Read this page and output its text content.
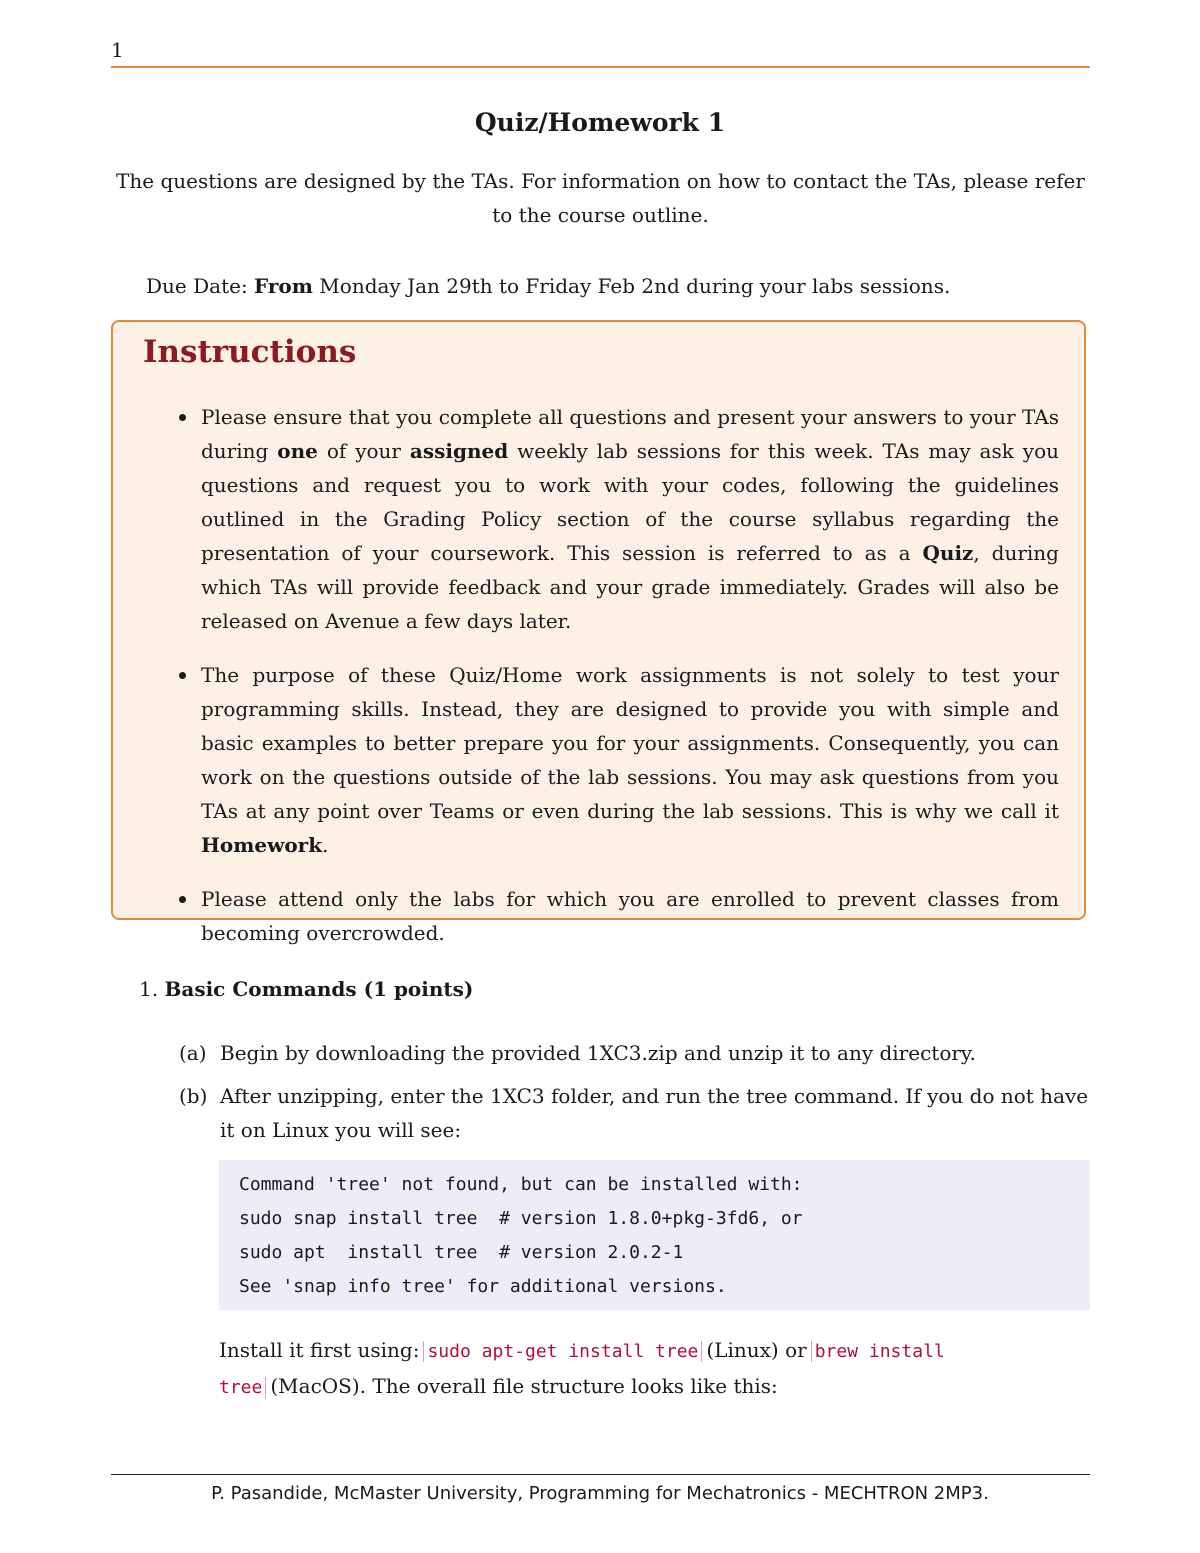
1
Quiz/Homework 1
The questions are designed by the TAs. For information on how to contact the TAs, please refer to the course outline.
Due Date: From Monday Jan 29th to Friday Feb 2nd during your labs sessions.
Instructions
Please ensure that you complete all questions and present your answers to your TAs during one of your assigned weekly lab sessions for this week. TAs may ask you questions and request you to work with your codes, following the guidelines outlined in the Grading Policy section of the course syllabus regarding the presentation of your coursework. This session is referred to as a Quiz, during which TAs will provide feedback and your grade immediately. Grades will also be released on Avenue a few days later.
The purpose of these Quiz/Home work assignments is not solely to test your programming skills. Instead, they are designed to provide you with simple and basic examples to better prepare you for your assignments. Consequently, you can work on the questions outside of the lab sessions. You may ask questions from you TAs at any point over Teams or even during the lab sessions. This is why we call it Homework.
Please attend only the labs for which you are enrolled to prevent classes from becoming overcrowded.
1. Basic Commands (1 points)
(a) Begin by downloading the provided 1XC3.zip and unzip it to any directory.
(b) After unzipping, enter the 1XC3 folder, and run the tree command. If you do not have it on Linux you will see:
Command 'tree' not found, but can be installed with:
sudo snap install tree  # version 1.8.0+pkg-3fd6, or
sudo apt  install tree  # version 2.0.2-1
See 'snap info tree' for additional versions.
Install it first using: sudo apt-get install tree (Linux) or brew install tree (MacOS). The overall file structure looks like this:
P. Pasandide, McMaster University, Programming for Mechatronics - MECHTRON 2MP3.
